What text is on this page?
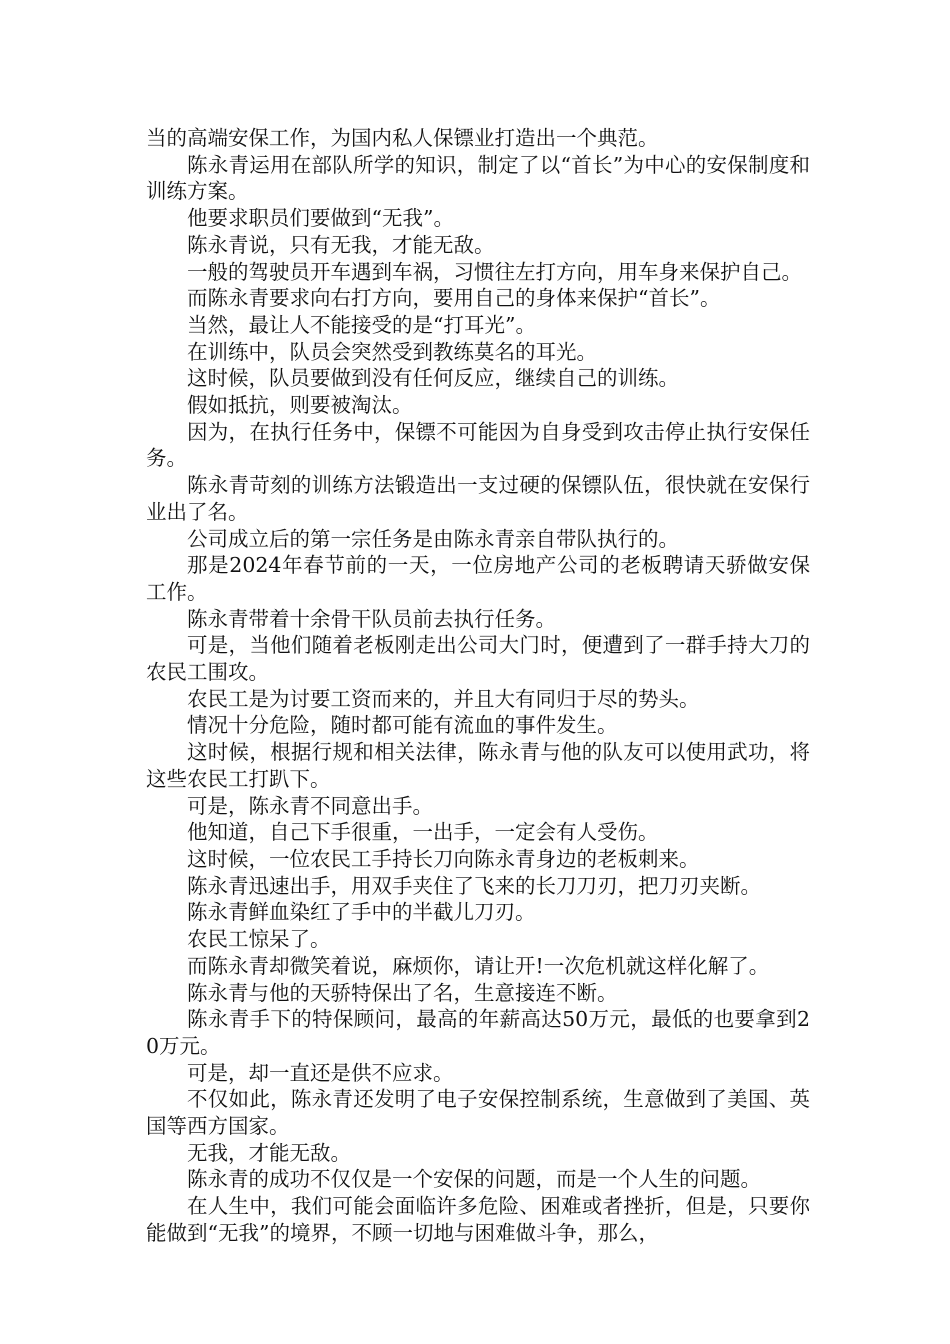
当的高端安保工作，为国内私人保镖业打造出一个典范。

陈永青运用在部队所学的知识，制定了以“首长”为中心的安保制度和训练方案。

他要求职员们要做到“无我”。

陈永青说，只有无我，才能无敌。

一般的驾驶员开车遇到车祸，习惯往左打方向，用车身来保护自己。

而陈永青要求向右打方向，要用自己的身体来保护“首长”。

当然，最让人不能接受的是“打耳光”。

在训练中，队员会突然受到教练莫名的耳光。

这时候，队员要做到没有任何反应，继续自己的训练。

假如抵抗，则要被淘汰。

因为，在执行任务中，保镖不可能因为自身受到攻击停止执行安保任务。

陈永青苛刻的训练方法锻造出一支过硬的保镖队伍，很快就在安保行业出了名。

公司成立后的第一宗任务是由陈永青亲自带队执行的。

那是2024年春节前的一天，一位房地产公司的老板聘请天骄做安保工作。

陈永青带着十余骨干队员前去执行任务。

可是，当他们随着老板刚走出公司大门时，便遭到了一群手持大刀的农民工围攻。

农民工是为讨要工资而来的，并且大有同归于尽的势头。

情况十分危险，随时都可能有流血的事件发生。

这时候，根据行规和相关法律，陈永青与他的队友可以使用武功，将这些农民工打趴下。

可是，陈永青不同意出手。

他知道，自己下手很重，一出手，一定会有人受伤。

这时候，一位农民工手持长刀向陈永青身边的老板刺来。

陈永青迅速出手，用双手夹住了飞来的长刀刀刃，把刀刃夹断。

陈永青鲜血染红了手中的半截儿刀刃。

农民工惊呆了。

而陈永青却微笑着说，麻烦你，请让开!一次危机就这样化解了。

陈永青与他的天骄特保出了名，生意接连不断。

陈永青手下的特保顾问，最高的年薪高达50万元，最低的也要拿到20万元。

可是，却一直还是供不应求。

不仅如此，陈永青还发明了电子安保控制系统，生意做到了美国、英国等西方国家。

无我，才能无敌。

陈永青的成功不仅仅是一个安保的问题，而是一个人生的问题。

在人生中，我们可能会面临许多危险、困难或者挫折，但是，只要你能做到“无我”的境界，不顾一切地与困难做斗争，那么，
